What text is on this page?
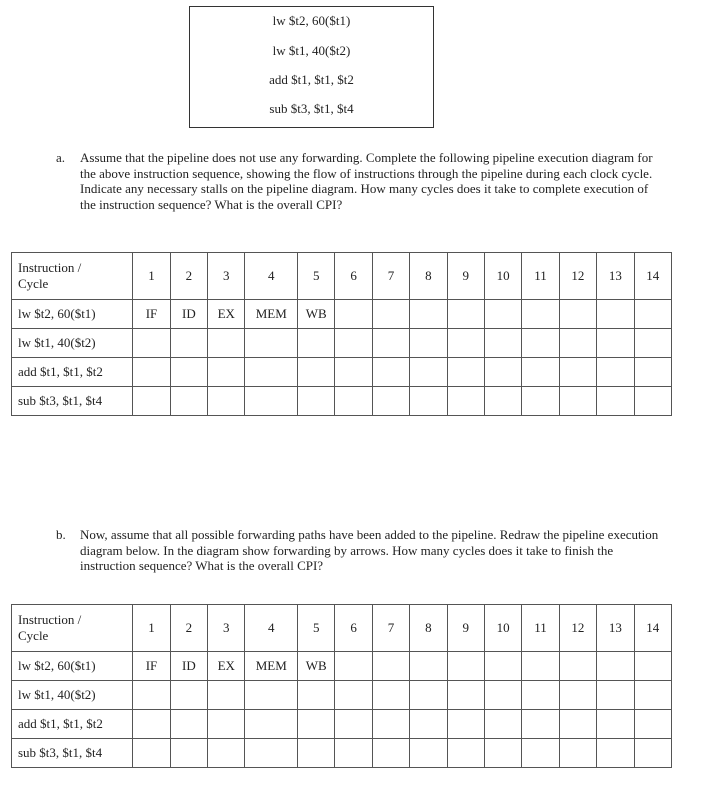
lw $t2, 60($t1)
lw $t1, 40($t2)
add $t1, $t1, $t2
sub $t3, $t1, $t4
a. Assume that the pipeline does not use any forwarding. Complete the following pipeline execution diagram for the above instruction sequence, showing the flow of instructions through the pipeline during each clock cycle. Indicate any necessary stalls on the pipeline diagram. How many cycles does it take to complete execution of the instruction sequence? What is the overall CPI?
Instruction /
Cycle	1	2	3	4	5	6	7	8	9	10	11	12	13	14
lw $t2, 60($t1)	IF	ID	EX	MEM	WB									
lw $t1, 40($t2)														
add $t1, $t1, $t2														
sub $t3, $t1, $t4														
b. Now, assume that all possible forwarding paths have been added to the pipeline. Redraw the pipeline execution diagram below. In the diagram show forwarding by arrows. How many cycles does it take to finish the instruction sequence? What is the overall CPI?
Instruction /
Cycle	1	2	3	4	5	6	7	8	9	10	11	12	13	14
lw $t2, 60($t1)	IF	ID	EX	MEM	WB									
lw $t1, 40($t2)														
add $t1, $t1, $t2														
sub $t3, $t1, $t4														
